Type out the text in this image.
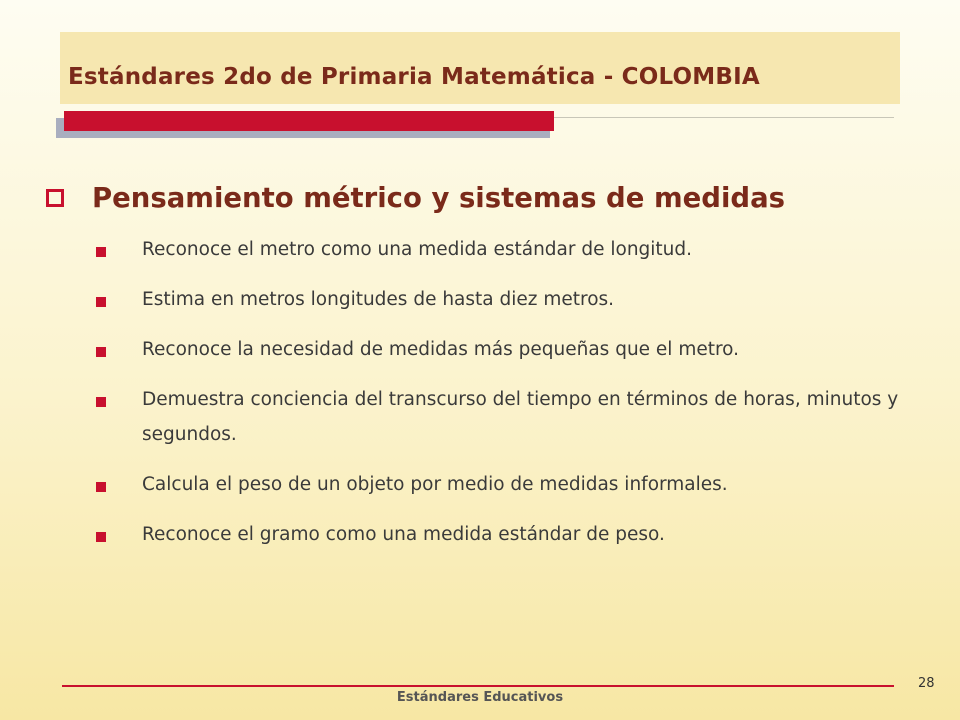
Estándares 2do de Primaria Matemática - COLOMBIA
Pensamiento métrico y sistemas de medidas
Reconoce el metro como una medida estándar de longitud.
Estima en metros longitudes de hasta diez metros.
Reconoce la necesidad de medidas más pequeñas que el metro.
Demuestra conciencia del transcurso del tiempo en términos de horas, minutos y segundos.
Calcula el peso de un objeto por medio de medidas informales.
Reconoce el gramo como una medida estándar de peso.
Estándares Educativos
28
